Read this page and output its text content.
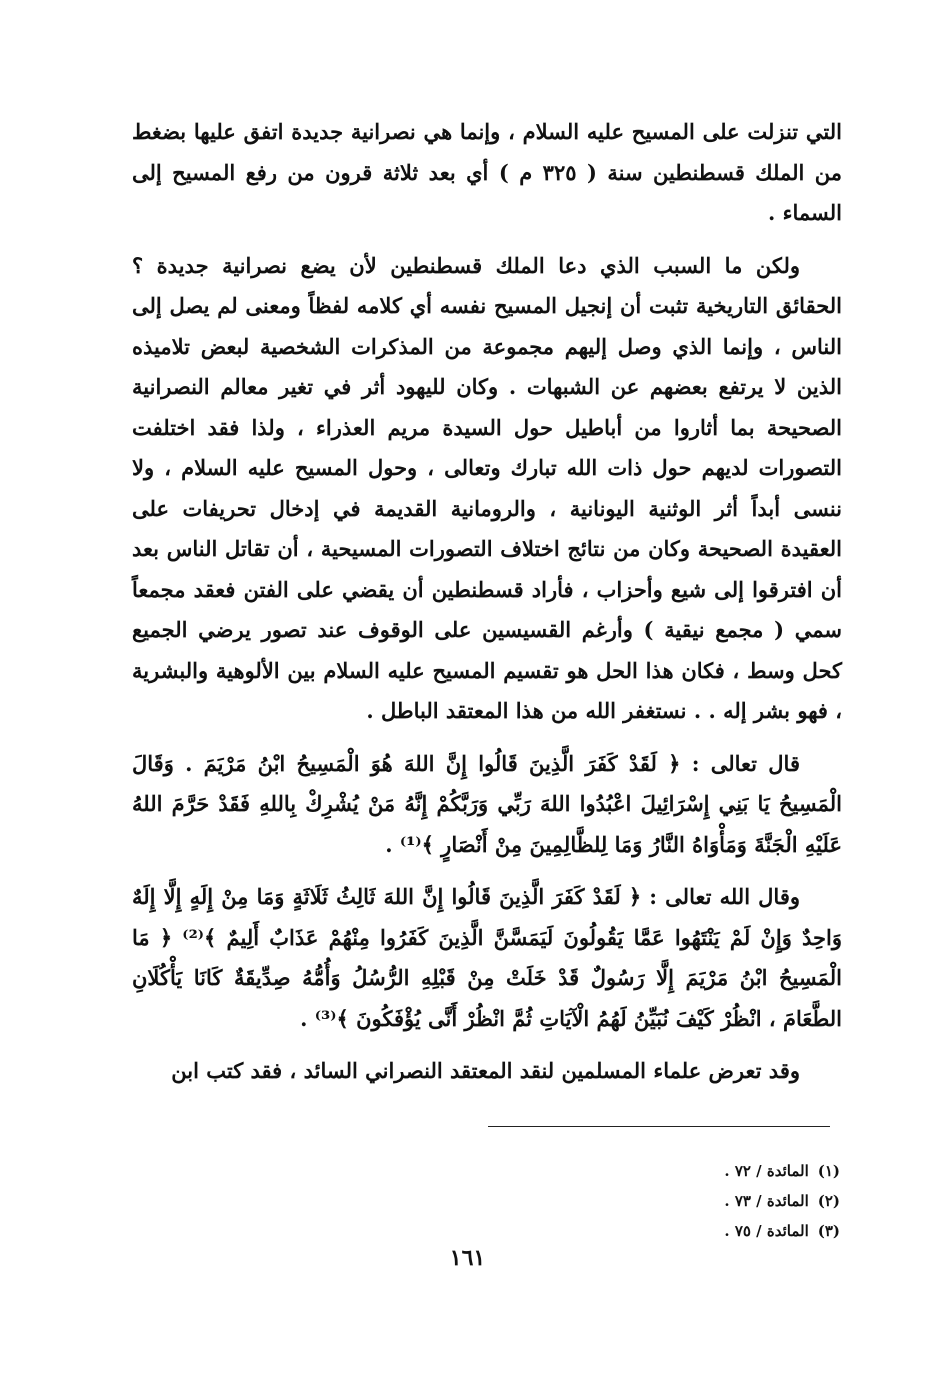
التي تنزلت على المسيح عليه السلام ، وإنما هي نصرانية جديدة اتفق عليها بضغط من الملك قسطنطين سنة ( ٣٢٥ م ) أي بعد ثلاثة قرون من رفع المسيح إلى السماء .

ولكن ما السبب الذي دعا الملك قسطنطين لأن يضع نصرانية جديدة ؟ الحقائق التاريخية تثبت أن إنجيل المسيح نفسه أي كلامه لفظاً ومعنى لم يصل إلى الناس ، وإنما الذي وصل إليهم مجموعة من المذكرات الشخصية لبعض تلاميذه الذين لا يرتفع بعضهم عن الشبهات . وكان لليهود أثر في تغير معالم النصرانية الصحيحة بما أثاروا من أباطيل حول السيدة مريم العذراء ، ولذا فقد اختلفت التصورات لديهم حول ذات الله تبارك وتعالى ، وحول المسيح عليه السلام ، ولا ننسى أبداً أثر الوثنية اليونانية ، والرومانية القديمة في إدخال تحريفات على العقيدة الصحيحة وكان من نتائج اختلاف التصورات المسيحية ، أن تقاتل الناس بعد أن افترقوا إلى شيع وأحزاب ، فأراد قسطنطين أن يقضي على الفتن فعقد مجمعاً سمي ( مجمع نيقية ) وأرغم القسيسين على الوقوف عند تصور يرضي الجميع كحل وسط ، فكان هذا الحل هو تقسيم المسيح عليه السلام بين الألوهية والبشرية ، فهو بشر إله . . نستغفر الله من هذا المعتقد الباطل .

قال تعالى : ﴿ لَقَدْ كَفَرَ الَّذِينَ قَالُوا إِنَّ اللهَ هُوَ الْمَسِيحُ ابْنُ مَرْيَمَ . وَقَالَ الْمَسِيحُ يَا بَنِي إِسْرَائِيلَ اعْبُدُوا اللهَ رَبِّي وَرَبَّكُمْ إِنَّهُ مَنْ يُشْرِكْ بِاللهِ فَقَدْ حَرَّمَ اللهُ عَلَيْهِ الْجَنَّةَ وَمَأْوَاهُ النَّارُ وَمَا لِلظَّالِمِينَ مِنْ أَنْصَارٍ ﴾⁽¹⁾ .

وقال الله تعالى : ﴿ لَقَدْ كَفَرَ الَّذِينَ قَالُوا إِنَّ اللهَ ثَالِثُ ثَلَاثَةٍ وَمَا مِنْ إِلَهٍ إِلَّا إِلَهٌ وَاحِدٌ وَإِنْ لَمْ يَنْتَهُوا عَمَّا يَقُولُونَ لَيَمَسَّنَّ الَّذِينَ كَفَرُوا مِنْهُمْ عَذَابٌ أَلِيمٌ ﴾⁽²⁾ ﴿ مَا الْمَسِيحُ ابْنُ مَرْيَمَ إِلَّا رَسُولٌ قَدْ خَلَتْ مِنْ قَبْلِهِ الرُّسُلُ وَأُمُّهُ صِدِّيقَةٌ كَانَا يَأْكُلَانِ الطَّعَامَ ، انْظُرْ كَيْفَ نُبَيِّنُ لَهُمُ الْآيَاتِ ثُمَّ انْظُرْ أَنَّى يُؤْفَكُونَ ﴾⁽³⁾ .

وقد تعرض علماء المسلمين لنقد المعتقد النصراني السائد ، فقد كتب ابن

(١) المائدة / ٧٢ .
(٢) المائدة / ٧٣ .
(٣) المائدة / ٧٥ .
١٦١
